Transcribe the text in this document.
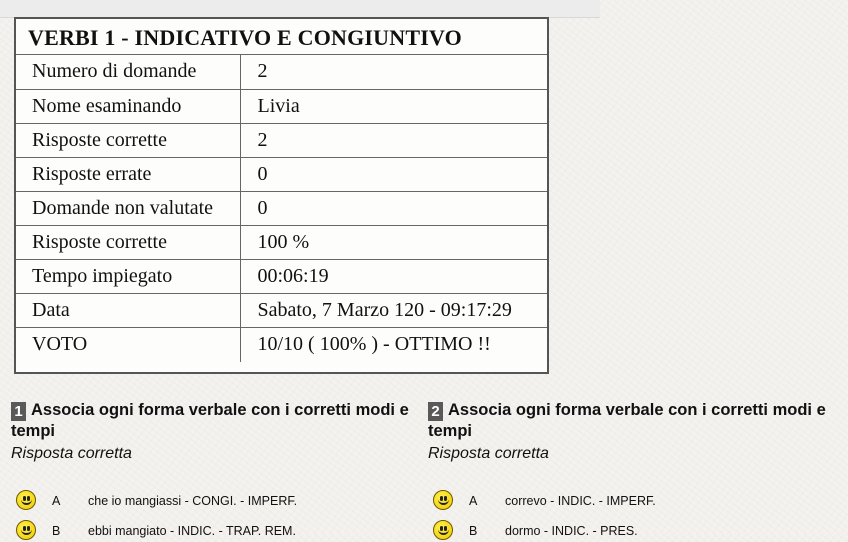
VERBI 1 - INDICATIVO E CONGIUNTIVO
Numero di domande	2
Nome esaminando	Livia
Risposte corrette	2
Risposte errate	0
Domande non valutate	0
Risposte corrette	100 %
Tempo impiegato	00:06:19
Data	Sabato, 7 Marzo 120 - 09:17:29
VOTO	10/10 ( 100% ) - OTTIMO !!
1 Associa ogni forma verbale con i corretti modi e tempi
Risposta corretta
A che io mangiassi - CONGI. - IMPERF.
B ebbi mangiato - INDIC. - TRAP. REM.
2 Associa ogni forma verbale con i corretti modi e tempi
Risposta corretta
A correvo - INDIC. - IMPERF.
B dormo - INDIC. - PRES.
